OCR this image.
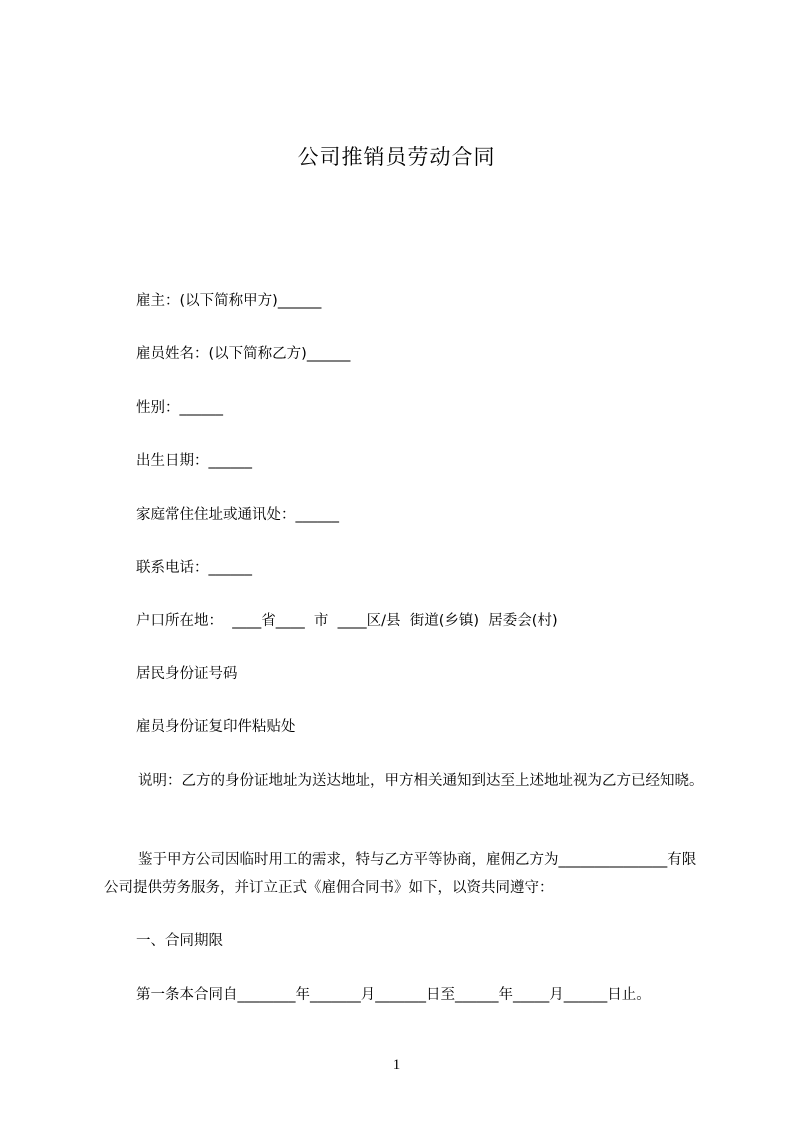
公司推销员劳动合同
雇主：(以下简称甲方)______
雇员姓名：(以下简称乙方)______
性别：______
出生日期：______
家庭常住住址或通讯处：______
联系电话：______
户口所在地：  ____省____  市  ____区/县  街道(乡镇)  居委会(村)
居民身份证号码
雇员身份证复印件粘贴处
说明：乙方的身份证地址为送达地址，甲方相关通知到达至上述地址视为乙方已经知晓。
鉴于甲方公司因临时用工的需求，特与乙方平等协商，雇佣乙方为_______________有限公司提供劳务服务，并订立正式《雇佣合同书》如下，以资共同遵守：
一、合同期限
第一条本合同自________年_______月_______日至______年_____月______日止。
1
